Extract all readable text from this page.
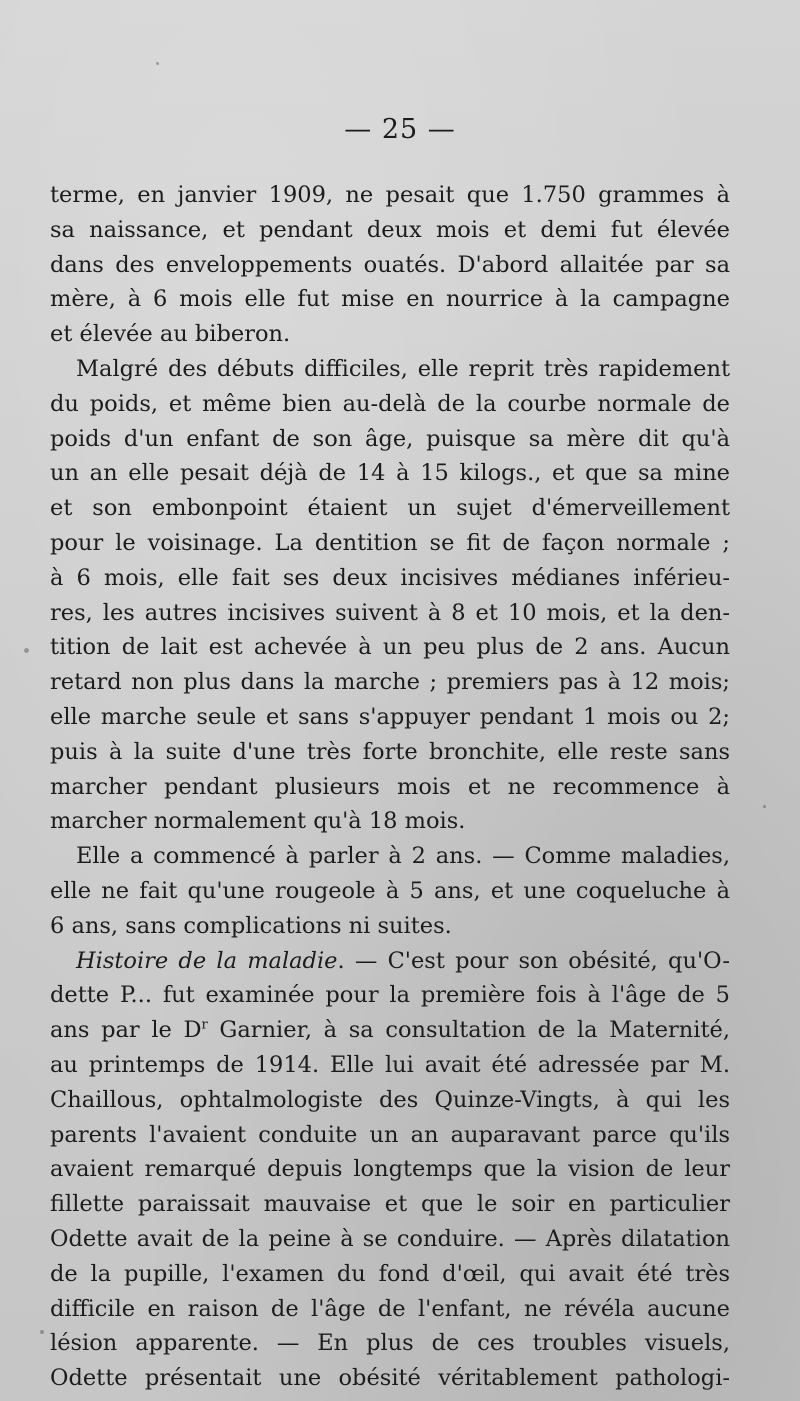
— 25 —
terme, en janvier 1909, ne pesait que 1.750 grammes à
sa naissance, et pendant deux mois et demi fut élevée
dans des enveloppements ouatés. D'abord allaitée par sa
mère, à 6 mois elle fut mise en nourrice à la campagne
et élevée au biberon.
Malgré des débuts difficiles, elle reprit très rapidement
du poids, et même bien au-delà de la courbe normale de
poids d'un enfant de son âge, puisque sa mère dit qu'à
un an elle pesait déjà de 14 à 15 kilogs., et que sa mine
et son embonpoint étaient un sujet d'émerveillement
pour le voisinage. La dentition se fit de façon normale ;
à 6 mois, elle fait ses deux incisives médianes inférieu-
res, les autres incisives suivent à 8 et 10 mois, et la den-
tition de lait est achevée à un peu plus de 2 ans. Aucun
retard non plus dans la marche ; premiers pas à 12 mois;
elle marche seule et sans s'appuyer pendant 1 mois ou 2;
puis à la suite d'une très forte bronchite, elle reste sans
marcher pendant plusieurs mois et ne recommence à
marcher normalement qu'à 18 mois.
Elle a commencé à parler à 2 ans. — Comme maladies,
elle ne fait qu'une rougeole à 5 ans, et une coqueluche à
6 ans, sans complications ni suites.
Histoire de la maladie. — C'est pour son obésité, qu'O-
dette P... fut examinée pour la première fois à l'âge de 5
ans par le $D^r$ Garnier, à sa consultation de la Maternité,
au printemps de 1914. Elle lui avait été adressée par M.
Chaillous, ophtalmologiste des Quinze-Vingts, à qui les
parents l'avaient conduite un an auparavant parce qu'ils
avaient remarqué depuis longtemps que la vision de leur
fillette paraissait mauvaise et que le soir en particulier
Odette avait de la peine à se conduire. — Après dilatation
de la pupille, l'examen du fond d'œil, qui avait été très
difficile en raison de l'âge de l'enfant, ne révéla aucune
lésion apparente. — En plus de ces troubles visuels,
Odette présentait une obésité véritablement pathologi-
